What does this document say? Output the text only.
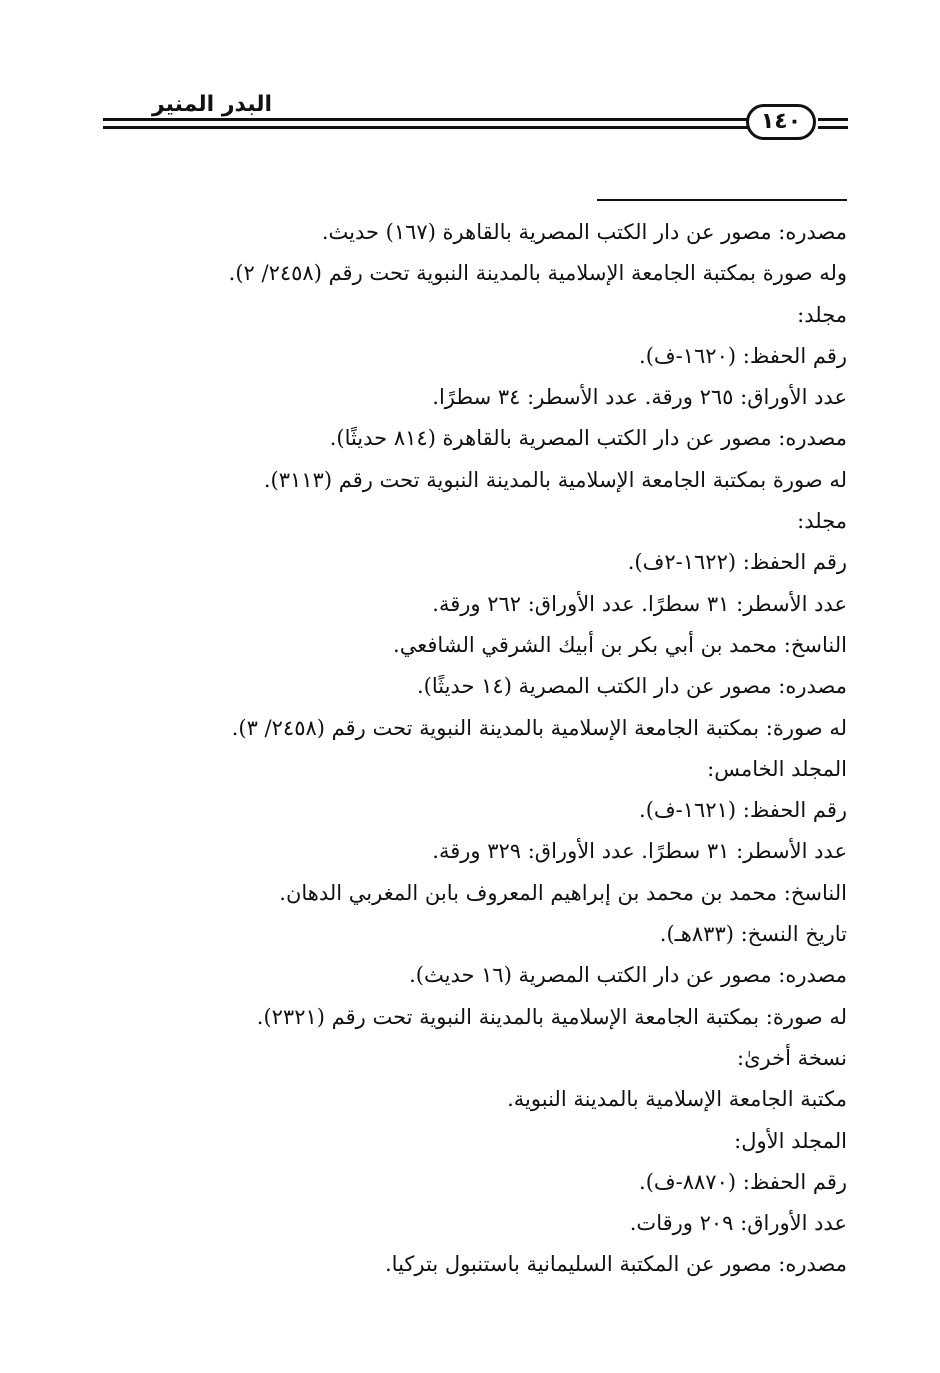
البدر المنير
١٤٠
مصدره: مصور عن دار الكتب المصرية بالقاهرة (١٦٧) حديث.
وله صورة بمكتبة الجامعة الإسلامية بالمدينة النبوية تحت رقم (٢٤٥٨/ ٢).
مجلد:
رقم الحفظ: (١٦٢٠-ف).
عدد الأوراق: ٢٦٥ ورقة. عدد الأسطر: ٣٤ سطرًا.
مصدره: مصور عن دار الكتب المصرية بالقاهرة (٨١٤ حديثًا).
له صورة بمكتبة الجامعة الإسلامية بالمدينة النبوية تحت رقم (٣١١٣).
مجلد:
رقم الحفظ: (١٦٢٢-٢ف).
عدد الأسطر: ٣١ سطرًا. عدد الأوراق: ٢٦٢ ورقة.
الناسخ: محمد بن أبي بكر بن أبيك الشرقي الشافعي.
مصدره: مصور عن دار الكتب المصرية (١٤ حديثًا).
له صورة: بمكتبة الجامعة الإسلامية بالمدينة النبوية تحت رقم (٢٤٥٨/ ٣).
المجلد الخامس:
رقم الحفظ: (١٦٢١-ف).
عدد الأسطر: ٣١ سطرًا. عدد الأوراق: ٣٢٩ ورقة.
الناسخ: محمد بن محمد بن إبراهيم المعروف بابن المغربي الدهان.
تاريخ النسخ: (٨٣٣هـ).
مصدره: مصور عن دار الكتب المصرية (١٦ حديث).
له صورة: بمكتبة الجامعة الإسلامية بالمدينة النبوية تحت رقم (٢٣٢١).
نسخة أخرىٰ:
مكتبة الجامعة الإسلامية بالمدينة النبوية.
المجلد الأول:
رقم الحفظ: (٨٨٧٠-ف).
عدد الأوراق: ٢٠٩ ورقات.
مصدره: مصور عن المكتبة السليمانية باستنبول بتركيا.
